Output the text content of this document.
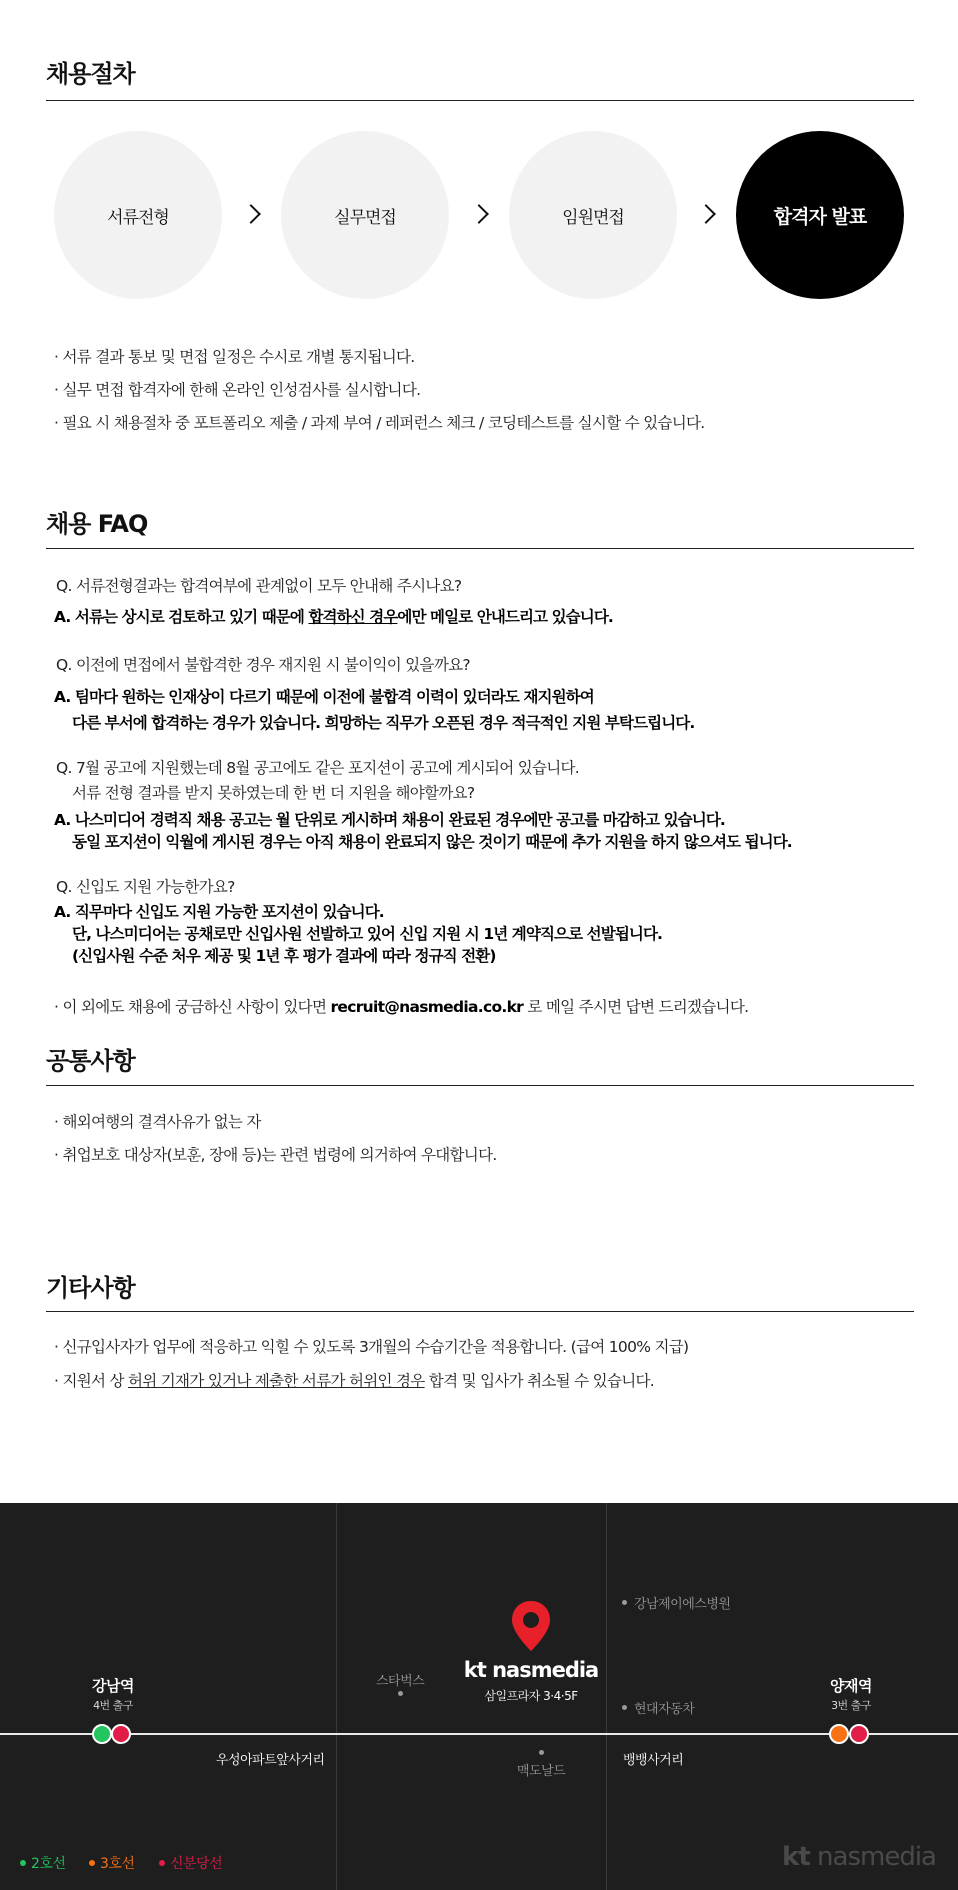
채용절차
서류전형	실무면접	임원면접	합격자 발표
· 서류 결과 통보 및 면접 일정은 수시로 개별 통지됩니다.
· 실무 면접 합격자에 한해 온라인 인성검사를 실시합니다.
· 필요 시 채용절차 중 포트폴리오 제출 / 과제 부여 / 레퍼런스 체크 / 코딩테스트를 실시할 수 있습니다.
채용 FAQ
Q. 서류전형결과는 합격여부에 관계없이 모두 안내해 주시나요?
A. 서류는 상시로 검토하고 있기 때문에 합격하신 경우에만 메일로 안내드리고 있습니다.
Q. 이전에 면접에서 불합격한 경우 재지원 시 불이익이 있을까요?
A. 팀마다 원하는 인재상이 다르기 때문에 이전에 불합격 이력이 있더라도 재지원하여
다른 부서에 합격하는 경우가 있습니다. 희망하는 직무가 오픈된 경우 적극적인 지원 부탁드립니다.
Q. 7월 공고에 지원했는데 8월 공고에도 같은 포지션이 공고에 게시되어 있습니다.
서류 전형 결과를 받지 못하였는데 한 번 더 지원을 해야할까요?
A. 나스미디어 경력직 채용 공고는 월 단위로 게시하며 채용이 완료된 경우에만 공고를 마감하고 있습니다.
동일 포지션이 익월에 게시된 경우는 아직 채용이 완료되지 않은 것이기 때문에 추가 지원을 하지 않으셔도 됩니다.
Q. 신입도 지원 가능한가요?
A. 직무마다 신입도 지원 가능한 포지션이 있습니다.
단, 나스미디어는 공채로만 신입사원 선발하고 있어 신입 지원 시 1년 계약직으로 선발됩니다.
(신입사원 수준 처우 제공 및 1년 후 평가 결과에 따라 정규직 전환)
· 이 외에도 채용에 궁금하신 사항이 있다면 recruit@nasmedia.co.kr 로 메일 주시면 답변 드리겠습니다.
공통사항
· 해외여행의 결격사유가 없는 자
· 취업보호 대상자(보훈, 장애 등)는 관련 법령에 의거하여 우대합니다.
기타사항
· 신규입사자가 업무에 적응하고 익힐 수 있도록 3개월의 수습기간을 적용합니다. (급여 100% 지급)
· 지원서 상 허위 기재가 있거나 제출한 서류가 허위인 경우 합격 및 입사가 취소될 수 있습니다.
강남역
4번 출구
양재역
3번 출구
스타벅스
강남제이에스병원
현대자동차
맥도날드
우성아파트앞사거리	뱅뱅사거리
kt nasmedia
삼일프라자 3·4·5F
2호선 3호선	신분당선	kt nasmedia
